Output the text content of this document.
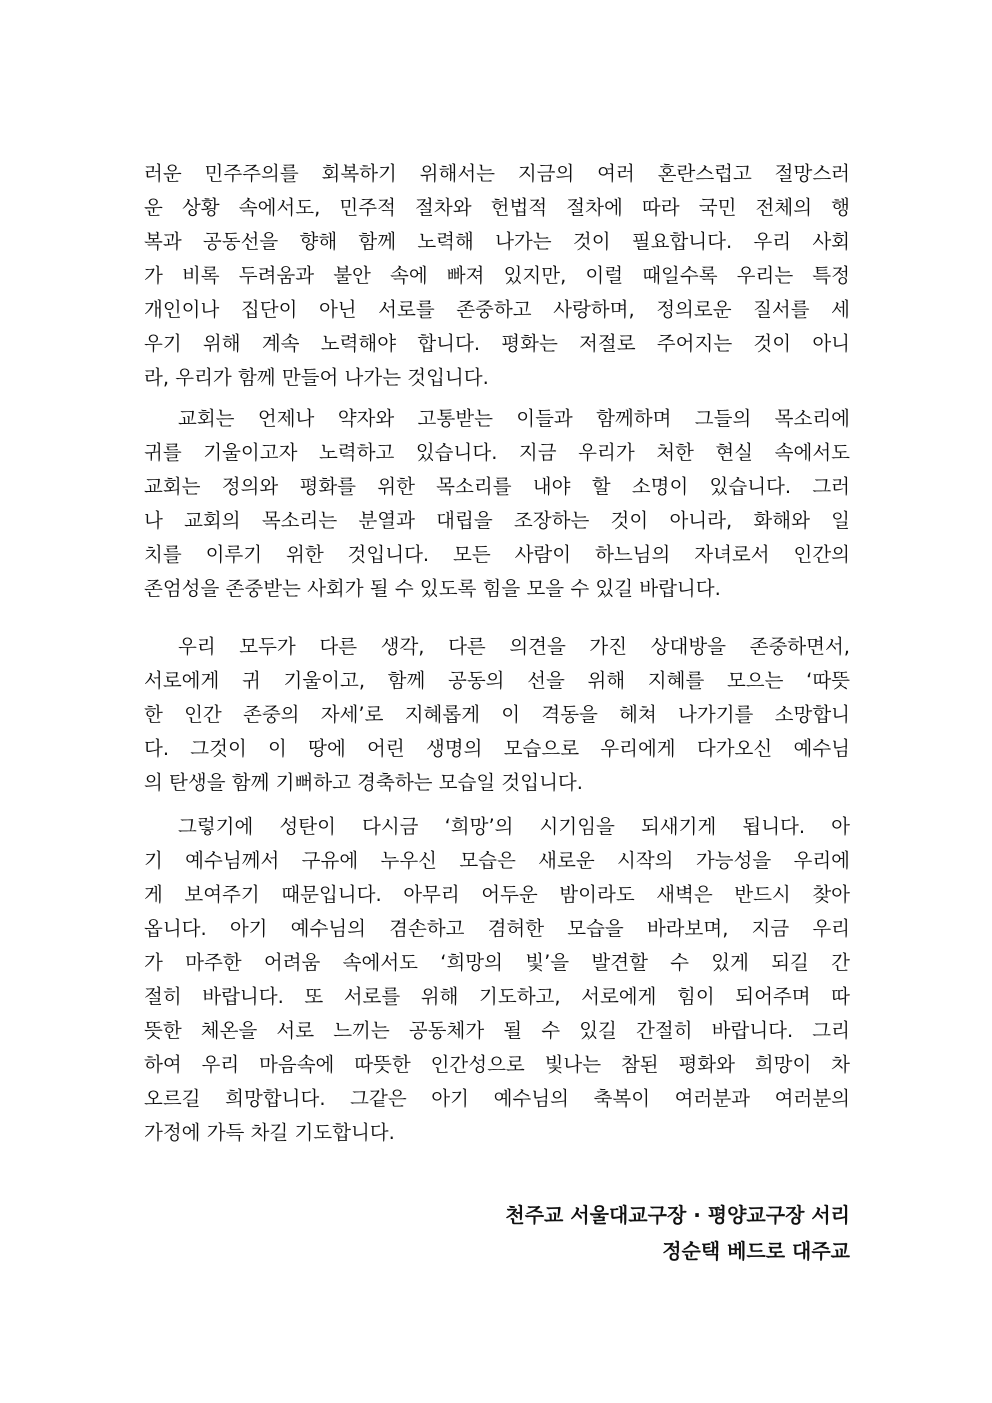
러운 민주주의를 회복하기 위해서는 지금의 여러 혼란스럽고 절망스러
운 상황 속에서도, 민주적 절차와 헌법적 절차에 따라 국민 전체의 행
복과 공동선을 향해 함께 노력해 나가는 것이 필요합니다. 우리 사회
가 비록 두려움과 불안 속에 빠져 있지만, 이럴 때일수록 우리는 특정
개인이나 집단이 아닌 서로를 존중하고 사랑하며, 정의로운 질서를 세
우기 위해 계속 노력해야 합니다. 평화는 저절로 주어지는 것이 아니
라, 우리가 함께 만들어 나가는 것입니다.
교회는 언제나 약자와 고통받는 이들과 함께하며 그들의 목소리에
귀를 기울이고자 노력하고 있습니다. 지금 우리가 처한 현실 속에서도
교회는 정의와 평화를 위한 목소리를 내야 할 소명이 있습니다. 그러
나 교회의 목소리는 분열과 대립을 조장하는 것이 아니라, 화해와 일
치를 이루기 위한 것입니다. 모든 사람이 하느님의 자녀로서 인간의
존엄성을 존중받는 사회가 될 수 있도록 힘을 모을 수 있길 바랍니다.
우리 모두가 다른 생각, 다른 의견을 가진 상대방을 존중하면서,
서로에게 귀 기울이고, 함께 공동의 선을 위해 지혜를 모으는 ‘따뜻
한 인간 존중의 자세’로 지혜롭게 이 격동을 헤쳐 나가기를 소망합니
다. 그것이 이 땅에 어린 생명의 모습으로 우리에게 다가오신 예수님
의 탄생을 함께 기뻐하고 경축하는 모습일 것입니다.
그렇기에 성탄이 다시금 ‘희망’의 시기임을 되새기게 됩니다. 아
기 예수님께서 구유에 누우신 모습은 새로운 시작의 가능성을 우리에
게 보여주기 때문입니다. 아무리 어두운 밤이라도 새벽은 반드시 찾아
옵니다. 아기 예수님의 겸손하고 겸허한 모습을 바라보며, 지금 우리
가 마주한 어려움 속에서도 ‘희망의 빛’을 발견할 수 있게 되길 간
절히 바랍니다. 또 서로를 위해 기도하고, 서로에게 힘이 되어주며 따
뜻한 체온을 서로 느끼는 공동체가 될 수 있길 간절히 바랍니다. 그리
하여 우리 마음속에 따뜻한 인간성으로 빛나는 참된 평화와 희망이 차
오르길 희망합니다. 그같은 아기 예수님의 축복이 여러분과 여러분의
가정에 가득 차길 기도합니다.
천주교 서울대교구장 · 평양교구장 서리
정순택 베드로 대주교
